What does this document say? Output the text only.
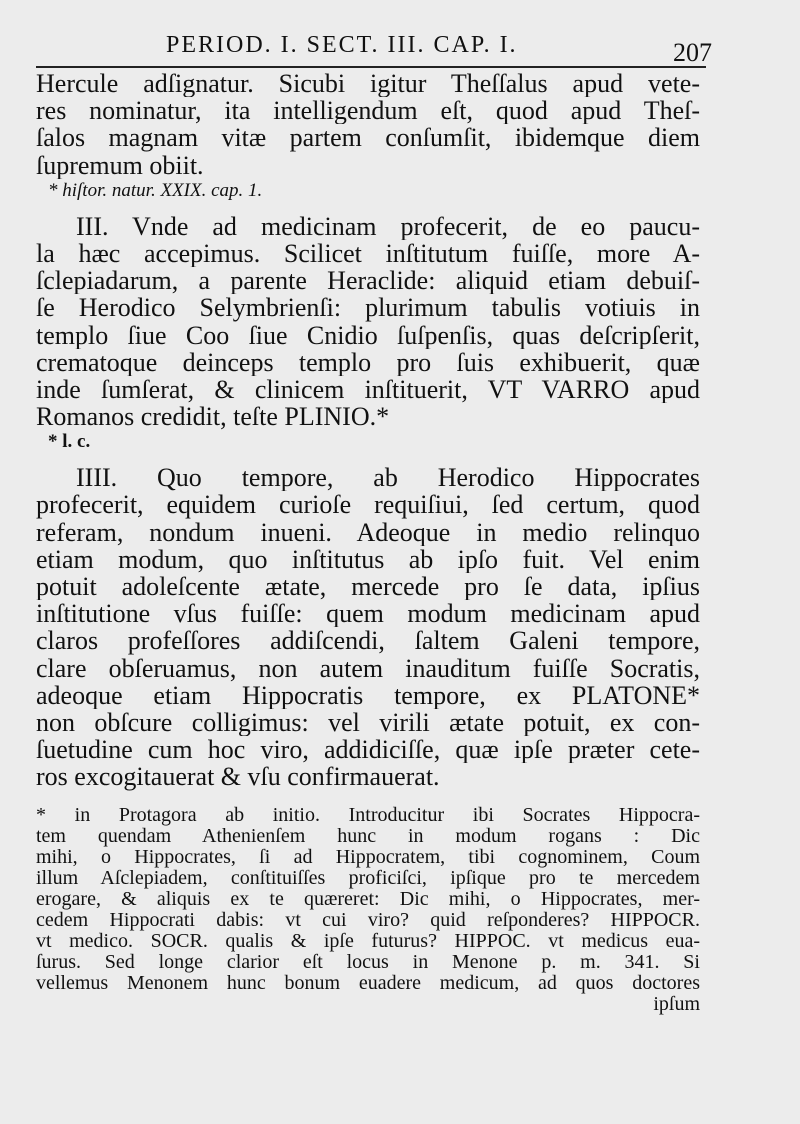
PERIOD. I. SECT. III. CAP. I.	207
Hercule adſignatur. Sicubi igitur Theſſalus apud vete-
res nominatur, ita intelligendum eſt, quod apud Theſ-
ſalos magnam vitæ partem conſumſit, ibidemque diem
ſupremum obiit.
* hiſtor. natur. XXIX. cap. 1.
III. Vnde ad medicinam profecerit, de eo paucu-
la hæc accepimus. Scilicet inſtitutum fuiſſe, more A-
ſclepiadarum, a parente Heraclide: aliquid etiam debuiſ-
ſe Herodico Selymbrienſi: plurimum tabulis votiuis in
templo ſiue Coo ſiue Cnidio ſuſpenſis, quas deſcripſerit,
crematoque deinceps templo pro ſuis exhibuerit, quæ
inde ſumſerat, & clinicem inſtituerit, VT VARRO apud
Romanos credidit, teſte PLINIO.*
* l. c.
IIII. Quo tempore, ab Herodico Hippocrates
profecerit, equidem curioſe requiſiui, ſed certum, quod
referam, nondum inueni. Adeoque in medio relinquo
etiam modum, quo inſtitutus ab ipſo fuit. Vel enim
potuit adoleſcente ætate, mercede pro ſe data, ipſius
inſtitutione vſus fuiſſe: quem modum medicinam apud
claros profeſſores addiſcendi, ſaltem Galeni tempore,
clare obſeruamus, non autem inauditum fuiſſe Socratis,
adeoque etiam Hippocratis tempore, ex PLATONE*
non obſcure colligimus: vel virili ætate potuit, ex con-
ſuetudine cum hoc viro, addidiciſſe, quæ ipſe præter cete-
ros excogitauerat & vſu confirmauerat.
* in Protagora ab initio. Introducitur ibi Socrates Hippocra-
tem quendam Athenienſem hunc in modum rogans : Dic
mihi, o Hippocrates, ſi ad Hippocratem, tibi cognominem, Coum
illum Aſclepiadem, conſtituiſſes proficiſci, ipſique pro te mercedem
erogare, & aliquis ex te quæreret: Dic mihi, o Hippocrates, mer-
cedem Hippocrati dabis: vt cui viro? quid reſponderes? HIPPOCR.
vt medico. SOCR. qualis & ipſe futurus? HIPPOC. vt medicus eua-
ſurus. Sed longe clarior eſt locus in Menone p. m. 341. Si
vellemus Menonem hunc bonum euadere medicum, ad quos doctores
ipſum
